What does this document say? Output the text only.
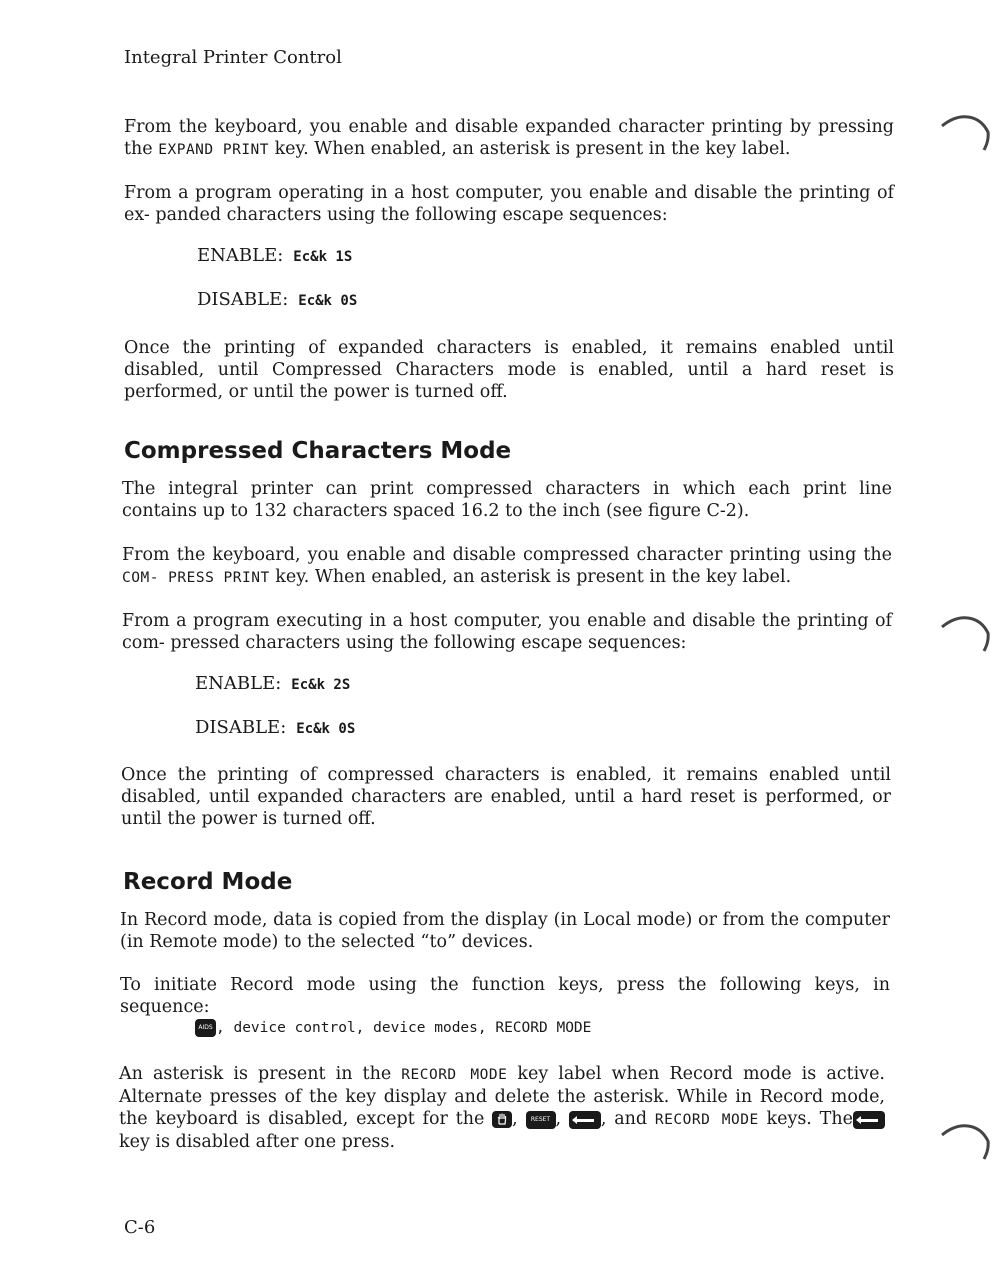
Integral Printer Control

From the keyboard, you enable and disable expanded character printing by pressing the EXPAND PRINT key. When enabled, an asterisk is present in the key label.

From a program operating in a host computer, you enable and disable the printing of ex- panded characters using the following escape sequences:

ENABLE: Ec&k 1S
DISABLE: Ec&k 0S

Once the printing of expanded characters is enabled, it remains enabled until disabled, until Compressed Characters mode is enabled, until a hard reset is performed, or until the power is turned off.

Compressed Characters Mode

The integral printer can print compressed characters in which each print line contains up to 132 characters spaced 16.2 to the inch (see figure C-2).

From the keyboard, you enable and disable compressed character printing using the COM- PRESS PRINT key. When enabled, an asterisk is present in the key label.

From a program executing in a host computer, you enable and disable the printing of com- pressed characters using the following escape sequences:

ENABLE: Ec&k 2S
DISABLE: Ec&k 0S

Once the printing of compressed characters is enabled, it remains enabled until disabled, until expanded characters are enabled, until a hard reset is performed, or until the power is turned off.

Record Mode

In Record mode, data is copied from the display (in Local mode) or from the computer (in Remote mode) to the selected “to” devices.

To initiate Record mode using the function keys, press the following keys, in sequence:

AIDS , device control, device modes, RECORD MODE

An asterisk is present in the RECORD MODE key label when Record mode is active. Alternate presses of the key display and delete the asterisk. While in Record mode, the keyboard is disabled, except for the , RESET ,
, and RECORD MODE keys. The
key is disabled after one press.

C-6
